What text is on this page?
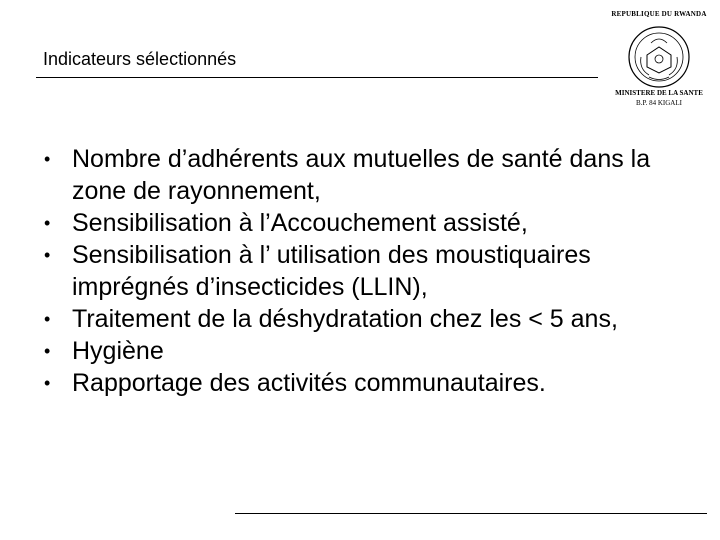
Indicateurs sélectionnés
REPUBLIQUE DU RWANDA
MINISTERE DE LA SANTE
B.P. 84 KIGALI
• Nombre d’adhérents aux mutuelles de santé dans la zone de rayonnement,
• Sensibilisation à l’Accouchement assisté,
• Sensibilisation à l’ utilisation des moustiquaires imprégnés d’insecticides (LLIN),
• Traitement de la déshydratation chez les < 5 ans,
• Hygiène
• Rapportage des activités communautaires.
